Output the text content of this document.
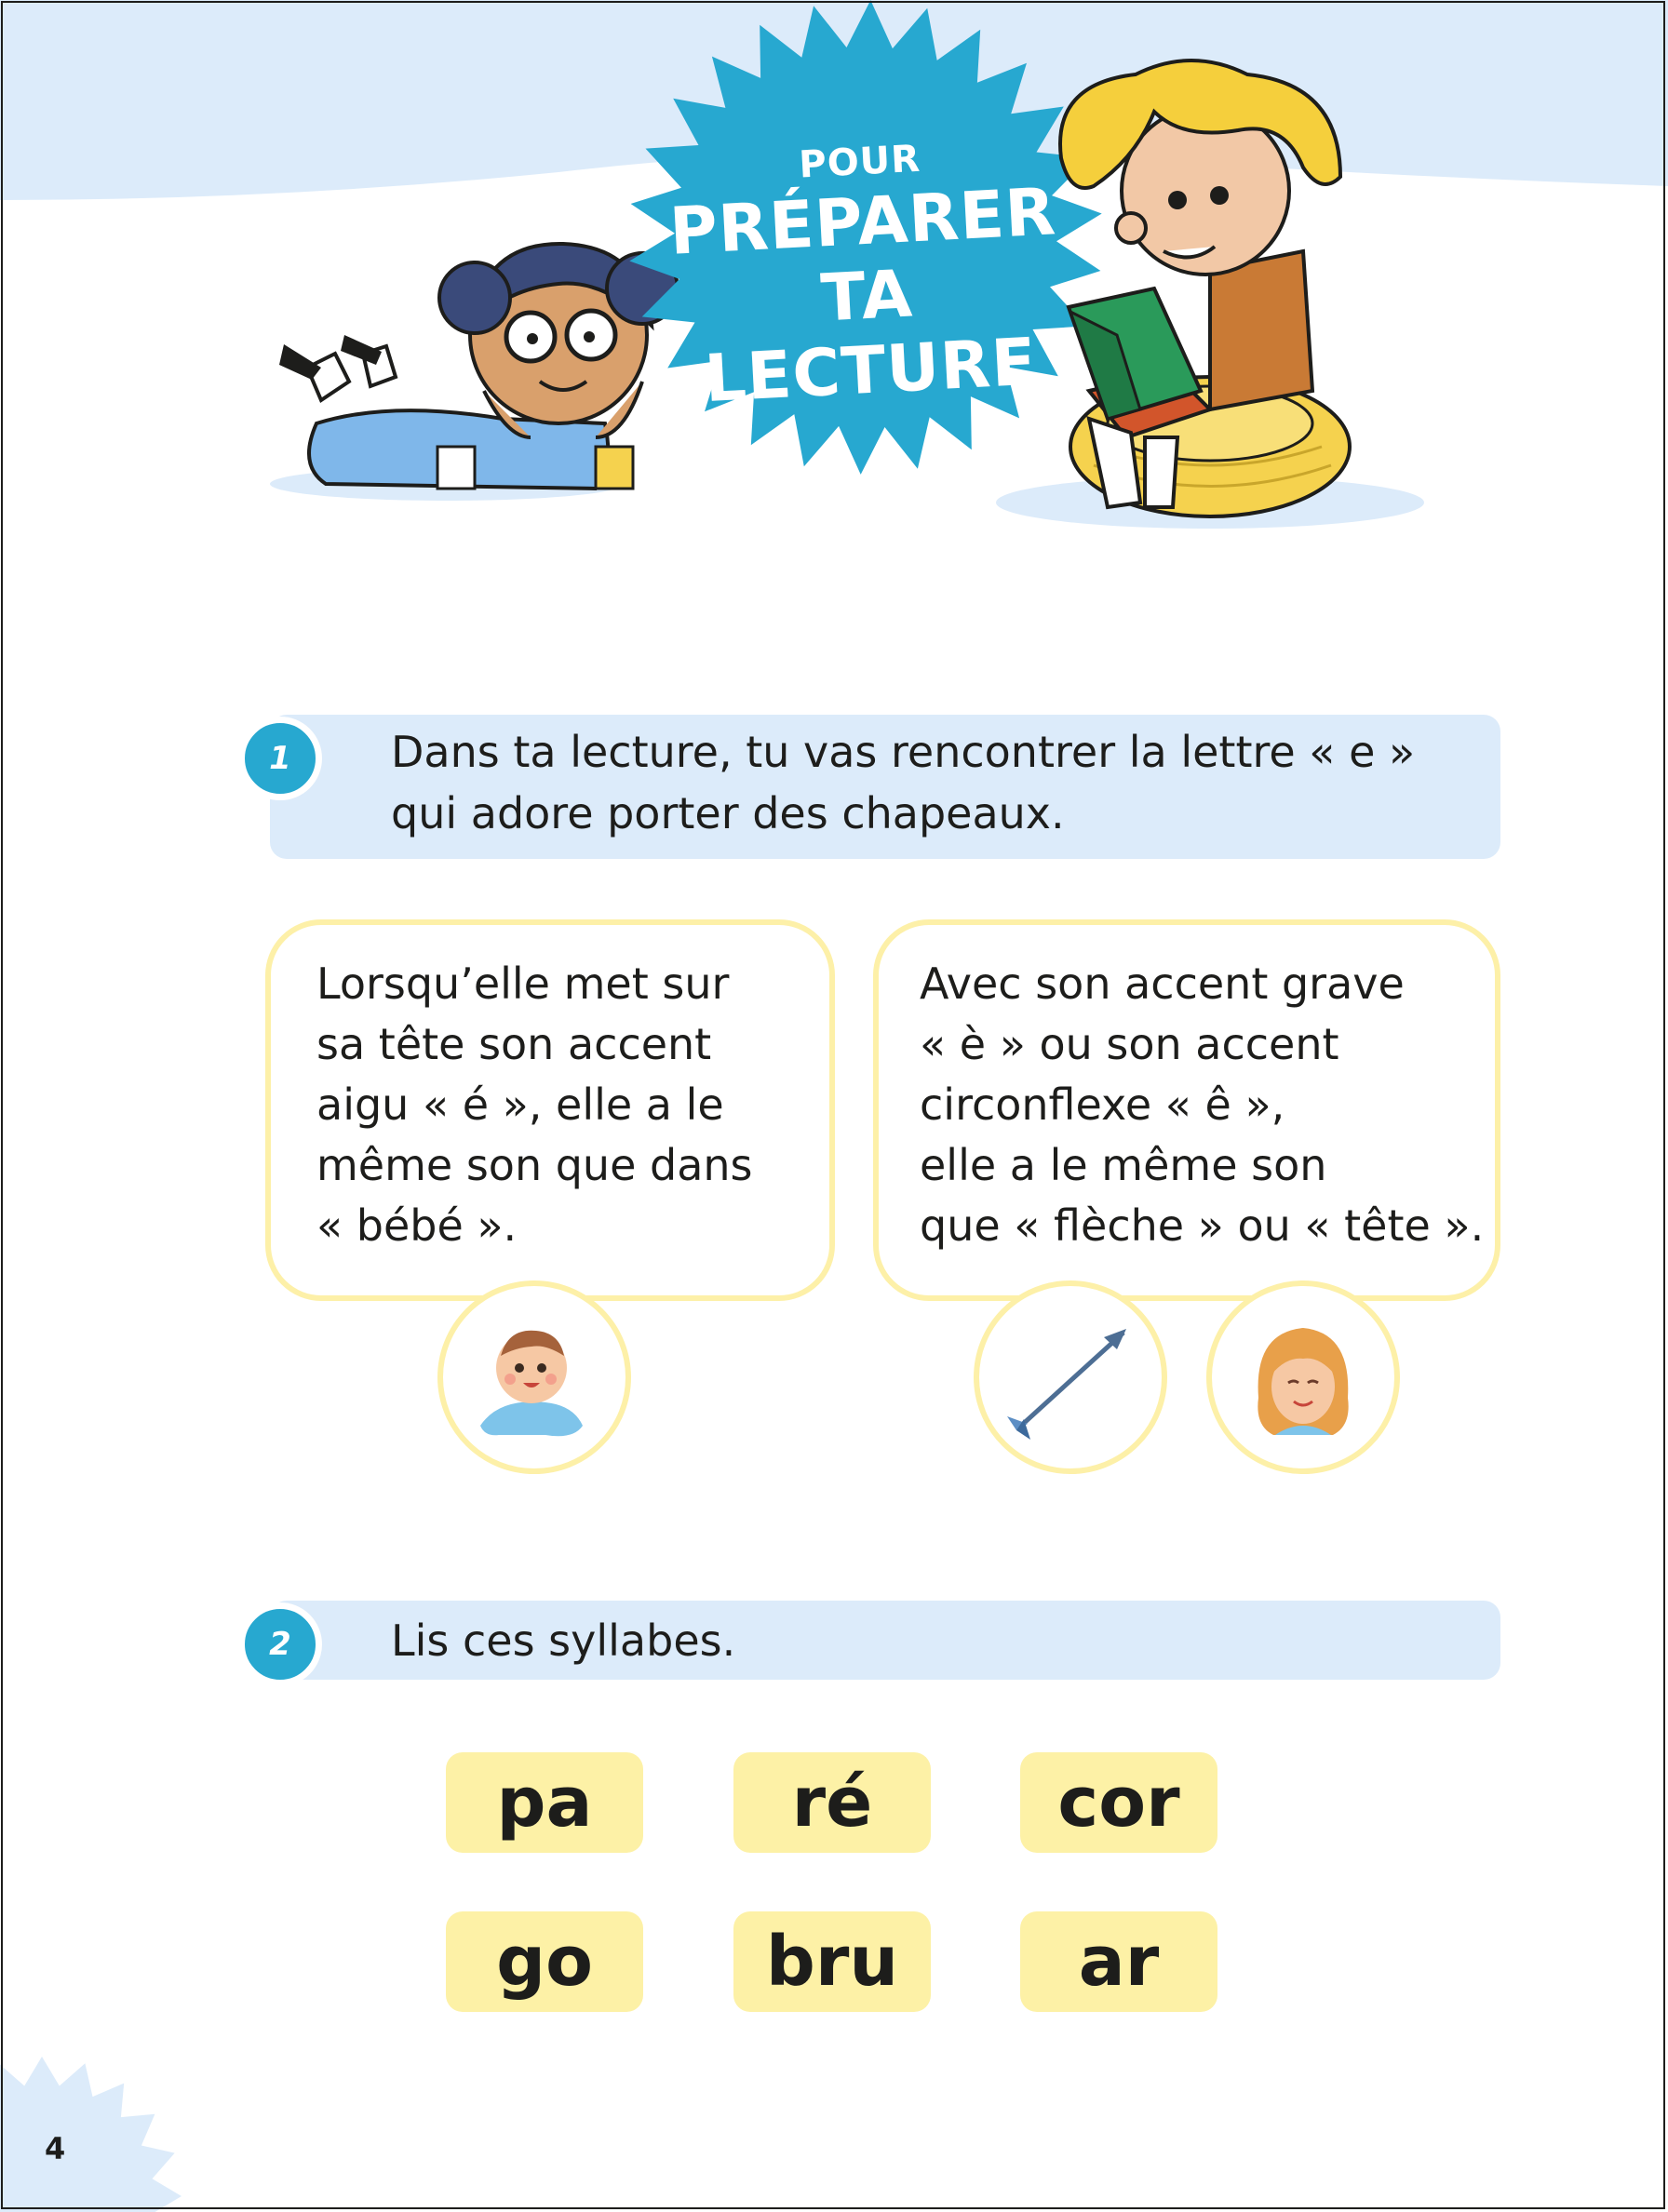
POUR
PRÉPARER
TA LECTURE
1	Dans ta lecture, tu vas rencontrer la lettre « e »
qui adore porter des chapeaux.
Lorsqu’elle met sur
sa tête son accent
aigu « é », elle a le
même son que dans
« bébé ».
Avec son accent grave
« è » ou son accent
circonflexe « ê »,
elle a le même son
que « flèche » ou « tête ».
2	Lis ces syllabes.
pa	ré	cor
go	bru	ar
4
